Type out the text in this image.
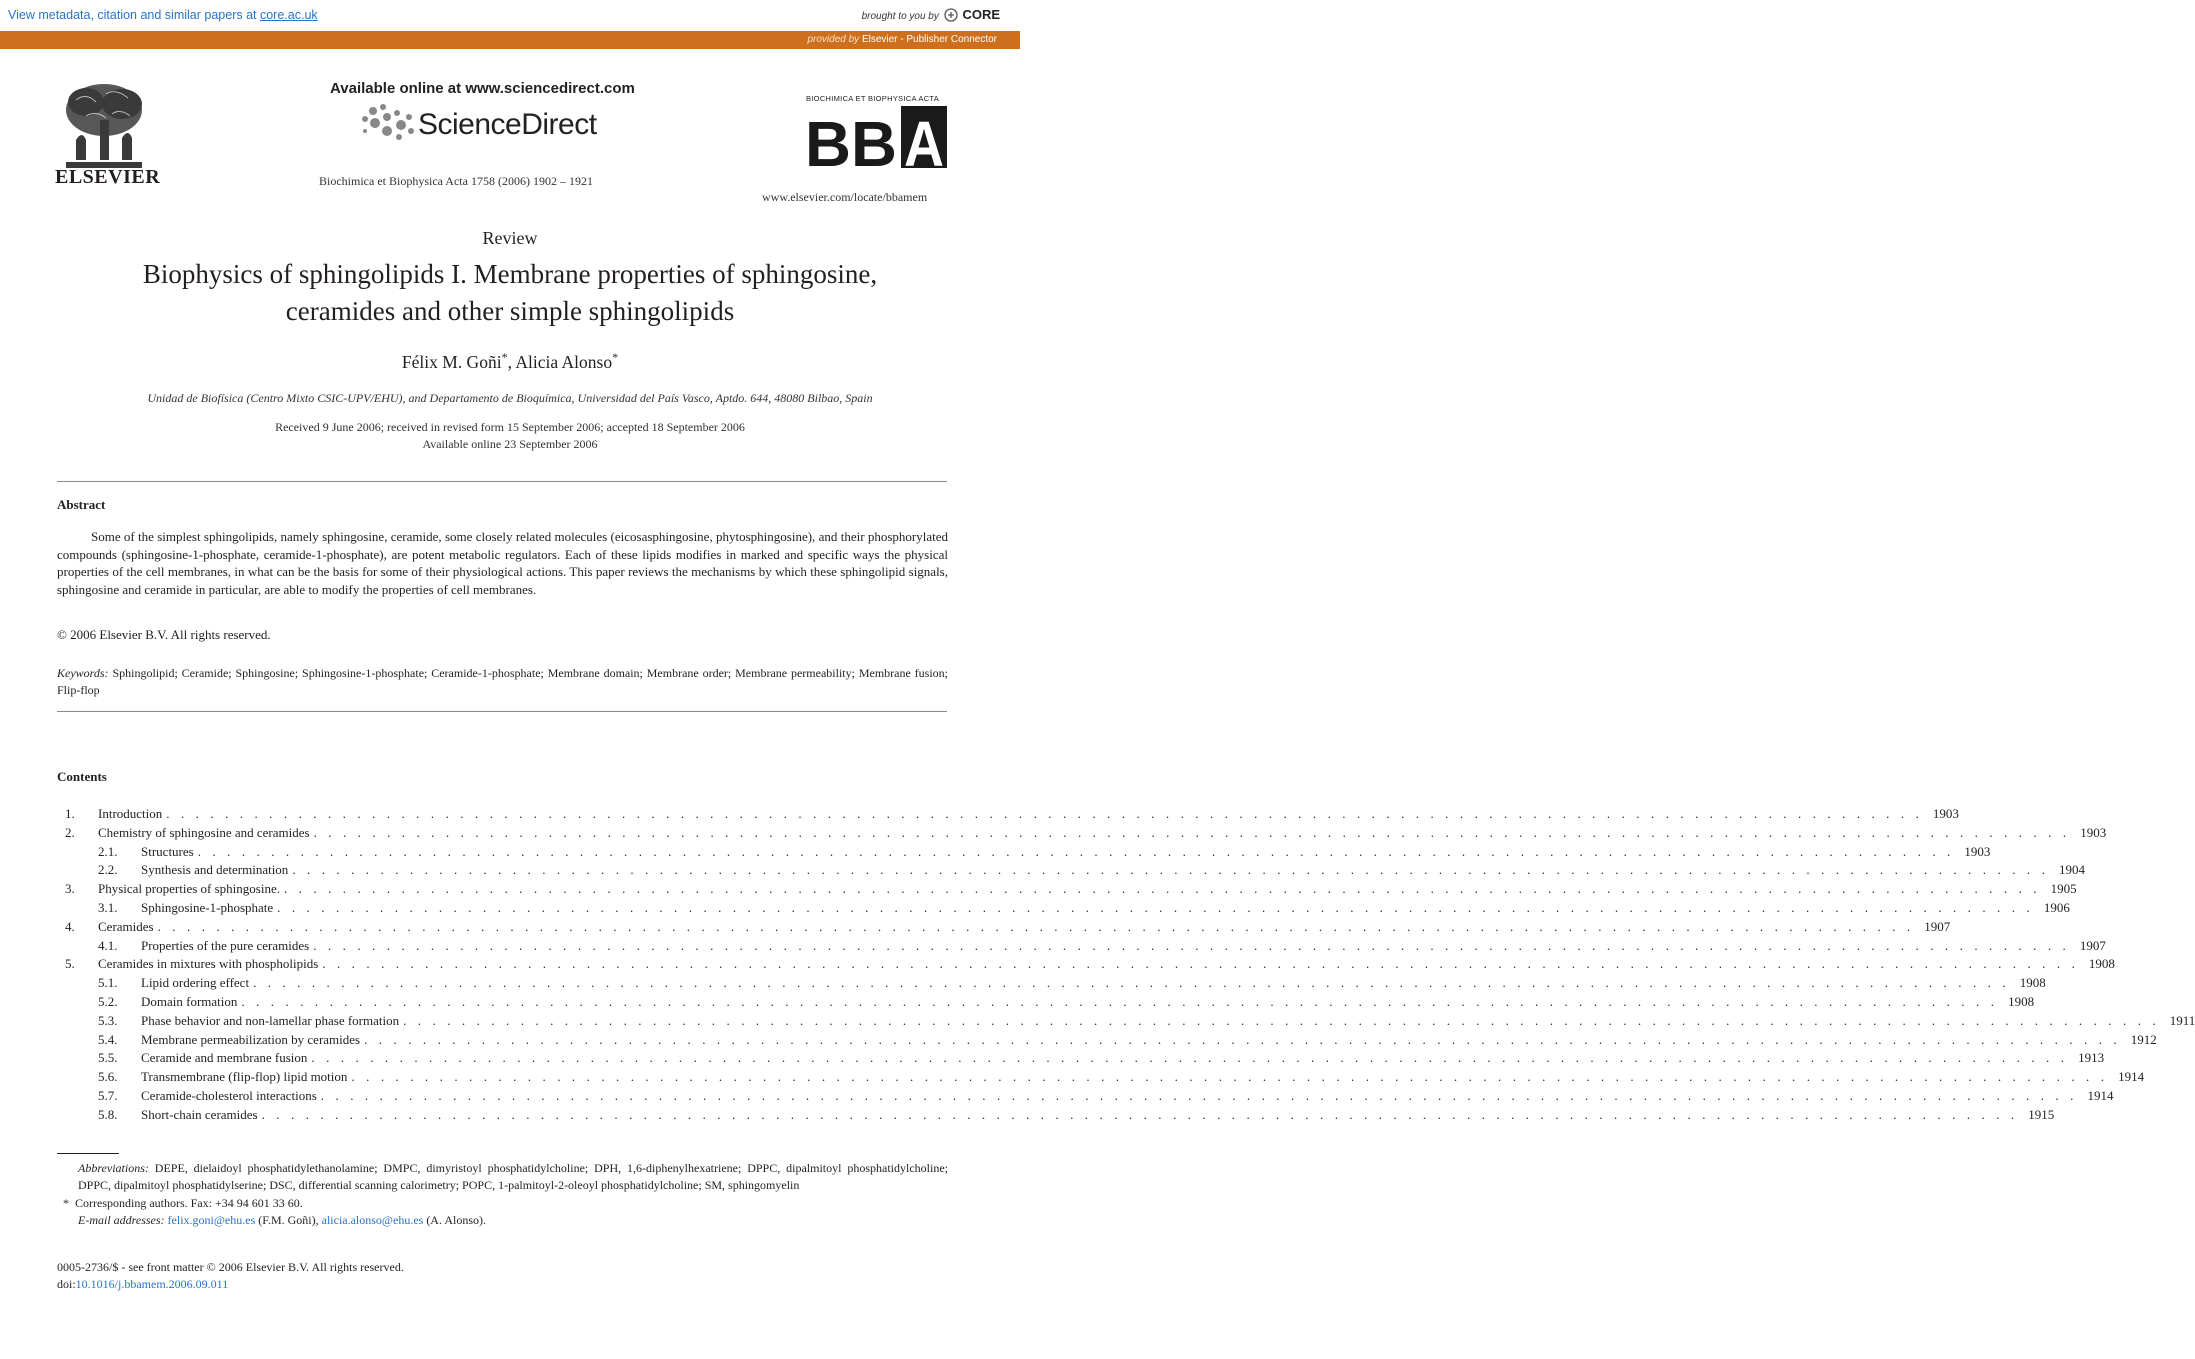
View metadata, citation and similar papers at core.ac.uk	brought to you by CORE
provided by Elsevier - Publisher Connector
ELSEVIER
Available online at www.sciencedirect.com
ScienceDirect
Biochimica et Biophysica Acta 1758 (2006) 1902 – 1921
BIOCHIMICA ET BIOPHYSICA ACTA
BB A
www.elsevier.com/locate/bbamem
Review
Biophysics of sphingolipids I. Membrane properties of sphingosine,
ceramides and other simple sphingolipids
Félix M. Goñi*, Alicia Alonso*
Unidad de Biofísica (Centro Mixto CSIC-UPV/EHU), and Departamento de Bioquímica, Universidad del País Vasco, Aptdo. 644, 48080 Bilbao, Spain
Received 9 June 2006; received in revised form 15 September 2006; accepted 18 September 2006
Available online 23 September 2006
Abstract
Some of the simplest sphingolipids, namely sphingosine, ceramide, some closely related molecules (eicosasphingosine, phytosphingosine), and their phosphorylated compounds (sphingosine-1-phosphate, ceramide-1-phosphate), are potent metabolic regulators. Each of these lipids modifies in marked and specific ways the physical properties of the cell membranes, in what can be the basis for some of their physiological actions. This paper reviews the mechanisms by which these sphingolipid signals, sphingosine and ceramide in particular, are able to modify the properties of cell membranes.
© 2006 Elsevier B.V. All rights reserved.
Keywords: Sphingolipid; Ceramide; Sphingosine; Sphingosine-1-phosphate; Ceramide-1-phosphate; Membrane domain; Membrane order; Membrane permeability; Membrane fusion; Flip-flop
Contents
1. Introduction . . . . . . . . . . . . . . . . . . . . . . . . . . . . . . . . . . . . . . . . . . . . . . . . . . . . . . . . . . . . . . . . . . . . . . . . . . . . . . . . . . . . . . . . . . . . . . . . . . . . . . . . . . . . . . . . . . . . . . . . 1903
2. Chemistry of sphingosine and ceramides . . . . . . . . . . . . . . . . . . . . . . . . . . . . . . . . . . . . . . . . . . . . . . . . . . . . . . . . . . . . . . . . . . . . . . . . . . . . . . . . . . . . . . . . . . . . . . . . . . . . . . . . . . . . . . . . . . . . . . . . 1903
2.1. Structures . . . . . . . . . . . . . . . . . . . . . . . . . . . . . . . . . . . . . . . . . . . . . . . . . . . . . . . . . . . . . . . . . . . . . . . . . . . . . . . . . . . . . . . . . . . . . . . . . . . . . . . . . . . . . . . . . . . . . . . . 1903
2.2. Synthesis and determination . . . . . . . . . . . . . . . . . . . . . . . . . . . . . . . . . . . . . . . . . . . . . . . . . . . . . . . . . . . . . . . . . . . . . . . . . . . . . . . . . . . . . . . . . . . . . . . . . . . . . . . . . . . . . . . . . . . . . . . . 1904
3. Physical properties of sphingosine. . . . . . . . . . . . . . . . . . . . . . . . . . . . . . . . . . . . . . . . . . . . . . . . . . . . . . . . . . . . . . . . . . . . . . . . . . . . . . . . . . . . . . . . . . . . . . . . . . . . . . . . . . . . . . . . . . . . . . . . . 1905
3.1. Sphingosine-1-phosphate . . . . . . . . . . . . . . . . . . . . . . . . . . . . . . . . . . . . . . . . . . . . . . . . . . . . . . . . . . . . . . . . . . . . . . . . . . . . . . . . . . . . . . . . . . . . . . . . . . . . . . . . . . . . . . . . . . . . . . . . 1906
4. Ceramides . . . . . . . . . . . . . . . . . . . . . . . . . . . . . . . . . . . . . . . . . . . . . . . . . . . . . . . . . . . . . . . . . . . . . . . . . . . . . . . . . . . . . . . . . . . . . . . . . . . . . . . . . . . . . . . . . . . . . . . . 1907
4.1. Properties of the pure ceramides . . . . . . . . . . . . . . . . . . . . . . . . . . . . . . . . . . . . . . . . . . . . . . . . . . . . . . . . . . . . . . . . . . . . . . . . . . . . . . . . . . . . . . . . . . . . . . . . . . . . . . . . . . . . . . . . . . . . . . . . 1907
5. Ceramides in mixtures with phospholipids . . . . . . . . . . . . . . . . . . . . . . . . . . . . . . . . . . . . . . . . . . . . . . . . . . . . . . . . . . . . . . . . . . . . . . . . . . . . . . . . . . . . . . . . . . . . . . . . . . . . . . . . . . . . . . . . . . . . . . . . 1908
5.1. Lipid ordering effect . . . . . . . . . . . . . . . . . . . . . . . . . . . . . . . . . . . . . . . . . . . . . . . . . . . . . . . . . . . . . . . . . . . . . . . . . . . . . . . . . . . . . . . . . . . . . . . . . . . . . . . . . . . . . . . . . . . . . . . . 1908
5.2. Domain formation . . . . . . . . . . . . . . . . . . . . . . . . . . . . . . . . . . . . . . . . . . . . . . . . . . . . . . . . . . . . . . . . . . . . . . . . . . . . . . . . . . . . . . . . . . . . . . . . . . . . . . . . . . . . . . . . . . . . . . . . 1908
5.3. Phase behavior and non-lamellar phase formation . . . . . . . . . . . . . . . . . . . . . . . . . . . . . . . . . . . . . . . . . . . . . . . . . . . . . . . . . . . . . . . . . . . . . . . . . . . . . . . . . . . . . . . . . . . . . . . . . . . . . . . . . . . . . . . . . . . . . . . . 1911
5.4. Membrane permeabilization by ceramides . . . . . . . . . . . . . . . . . . . . . . . . . . . . . . . . . . . . . . . . . . . . . . . . . . . . . . . . . . . . . . . . . . . . . . . . . . . . . . . . . . . . . . . . . . . . . . . . . . . . . . . . . . . . . . . . . . . . . . . . 1912
5.5. Ceramide and membrane fusion . . . . . . . . . . . . . . . . . . . . . . . . . . . . . . . . . . . . . . . . . . . . . . . . . . . . . . . . . . . . . . . . . . . . . . . . . . . . . . . . . . . . . . . . . . . . . . . . . . . . . . . . . . . . . . . . . . . . . . . . 1913
5.6. Transmembrane (flip-flop) lipid motion . . . . . . . . . . . . . . . . . . . . . . . . . . . . . . . . . . . . . . . . . . . . . . . . . . . . . . . . . . . . . . . . . . . . . . . . . . . . . . . . . . . . . . . . . . . . . . . . . . . . . . . . . . . . . . . . . . . . . . . . 1914
5.7. Ceramide-cholesterol interactions . . . . . . . . . . . . . . . . . . . . . . . . . . . . . . . . . . . . . . . . . . . . . . . . . . . . . . . . . . . . . . . . . . . . . . . . . . . . . . . . . . . . . . . . . . . . . . . . . . . . . . . . . . . . . . . . . . . . . . . . 1914
5.8. Short-chain ceramides . . . . . . . . . . . . . . . . . . . . . . . . . . . . . . . . . . . . . . . . . . . . . . . . . . . . . . . . . . . . . . . . . . . . . . . . . . . . . . . . . . . . . . . . . . . . . . . . . . . . . . . . . . . . . . . . . . . . . . . . 1915
Abbreviations: DEPE, dielaidoyl phosphatidylethanolamine; DMPC, dimyristoyl phosphatidylcholine; DPH, 1,6-diphenylhexatriene; DPPC, dipalmitoyl phosphatidylcholine; DPPC, dipalmitoyl phosphatidylserine; DSC, differential scanning calorimetry; POPC, 1-palmitoyl-2-oleoyl phosphatidylcholine; SM, sphingomyelin
* Corresponding authors. Fax: +34 94 601 33 60.
E-mail addresses: felix.goni@ehu.es (F.M. Goñi), alicia.alonso@ehu.es (A. Alonso).
0005-2736/$ - see front matter © 2006 Elsevier B.V. All rights reserved.
doi:10.1016/j.bbamem.2006.09.011
